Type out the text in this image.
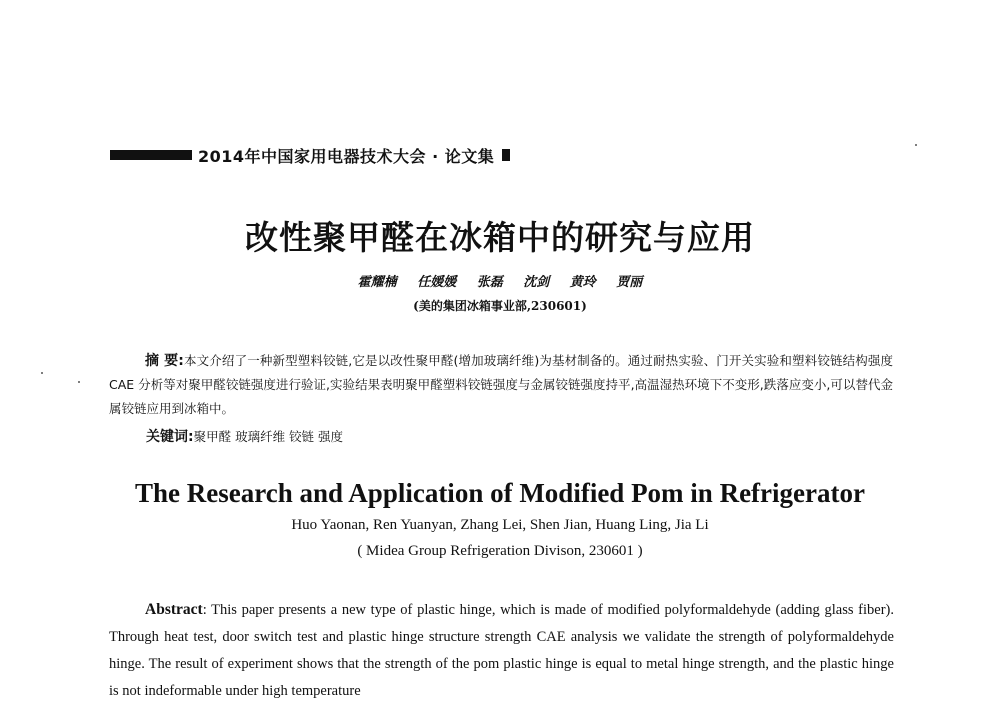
2014年中国家用电器技术大会 · 论文集
改性聚甲醛在冰箱中的研究与应用
霍耀楠 任媛媛 张磊 沈剑 黄玲 贾丽
(美的集团冰箱事业部,230601)
摘 要:本文介绍了一种新型塑料铰链,它是以改性聚甲醛(增加玻璃纤维)为基材制备的。通过耐热实验、门开关实验和塑料铰链结构强度 CAE 分析等对聚甲醛铰链强度进行验证,实验结果表明聚甲醛塑料铰链强度与金属铰链强度持平,高温湿热环境下不变形,跌落应变小,可以替代金属铰链应用到冰箱中。
关键词:聚甲醛 玻璃纤维 铰链 强度
The Research and Application of Modified Pom in Refrigerator
Huo Yaonan, Ren Yuanyan, Zhang Lei, Shen Jian, Huang Ling, Jia Li
( Midea Group Refrigeration Divison, 230601 )
Abstract: This paper presents a new type of plastic hinge, which is made of modified polyformaldehyde (adding glass fiber). Through heat test, door switch test and plastic hinge structure strength CAE analysis we validate the strength of polyformaldehyde hinge. The result of experiment shows that the strength of the pom plastic hinge is equal to metal hinge strength, and the plastic hinge is not indeformable under high temperature
